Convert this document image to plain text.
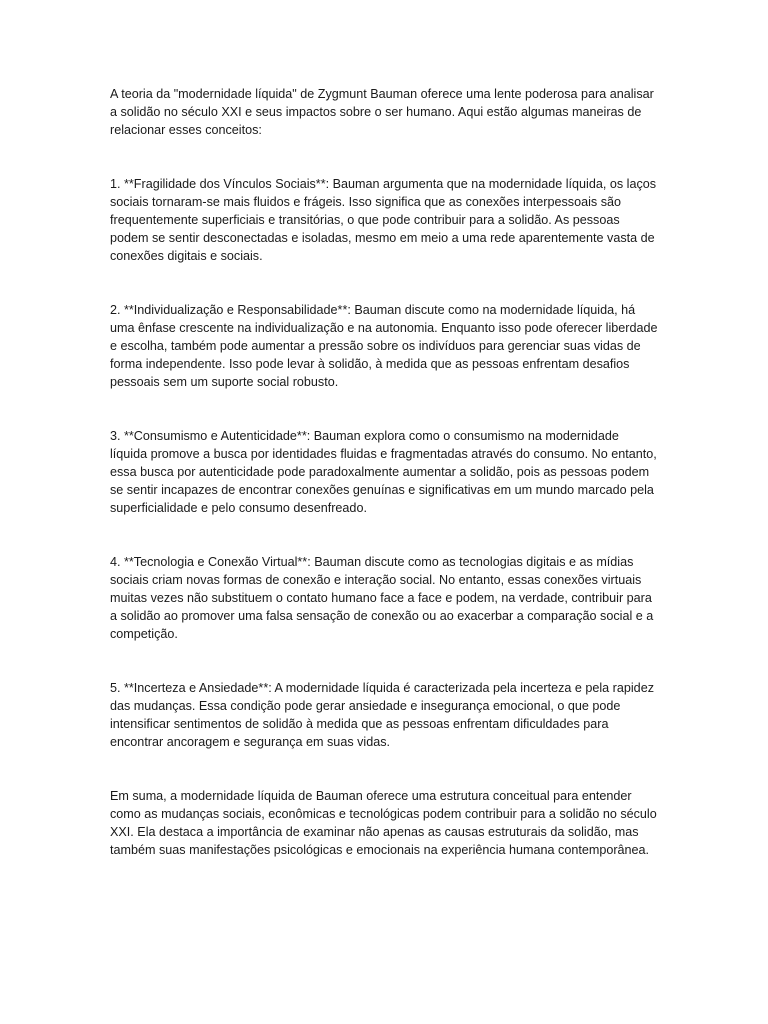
A teoria da "modernidade líquida" de Zygmunt Bauman oferece uma lente poderosa para analisar a solidão no século XXI e seus impactos sobre o ser humano. Aqui estão algumas maneiras de relacionar esses conceitos:

1. **Fragilidade dos Vínculos Sociais**: Bauman argumenta que na modernidade líquida, os laços sociais tornaram-se mais fluidos e frágeis. Isso significa que as conexões interpessoais são frequentemente superficiais e transitórias, o que pode contribuir para a solidão. As pessoas podem se sentir desconectadas e isoladas, mesmo em meio a uma rede aparentemente vasta de conexões digitais e sociais.

2. **Individualização e Responsabilidade**: Bauman discute como na modernidade líquida, há uma ênfase crescente na individualização e na autonomia. Enquanto isso pode oferecer liberdade e escolha, também pode aumentar a pressão sobre os indivíduos para gerenciar suas vidas de forma independente. Isso pode levar à solidão, à medida que as pessoas enfrentam desafios pessoais sem um suporte social robusto.

3. **Consumismo e Autenticidade**: Bauman explora como o consumismo na modernidade líquida promove a busca por identidades fluidas e fragmentadas através do consumo. No entanto, essa busca por autenticidade pode paradoxalmente aumentar a solidão, pois as pessoas podem se sentir incapazes de encontrar conexões genuínas e significativas em um mundo marcado pela superficialidade e pelo consumo desenfreado.

4. **Tecnologia e Conexão Virtual**: Bauman discute como as tecnologias digitais e as mídias sociais criam novas formas de conexão e interação social. No entanto, essas conexões virtuais muitas vezes não substituem o contato humano face a face e podem, na verdade, contribuir para a solidão ao promover uma falsa sensação de conexão ou ao exacerbar a comparação social e a competição.

5. **Incerteza e Ansiedade**: A modernidade líquida é caracterizada pela incerteza e pela rapidez das mudanças. Essa condição pode gerar ansiedade e insegurança emocional, o que pode intensificar sentimentos de solidão à medida que as pessoas enfrentam dificuldades para encontrar ancoragem e segurança em suas vidas.

Em suma, a modernidade líquida de Bauman oferece uma estrutura conceitual para entender como as mudanças sociais, econômicas e tecnológicas podem contribuir para a solidão no século XXI. Ela destaca a importância de examinar não apenas as causas estruturais da solidão, mas também suas manifestações psicológicas e emocionais na experiência humana contemporânea.
